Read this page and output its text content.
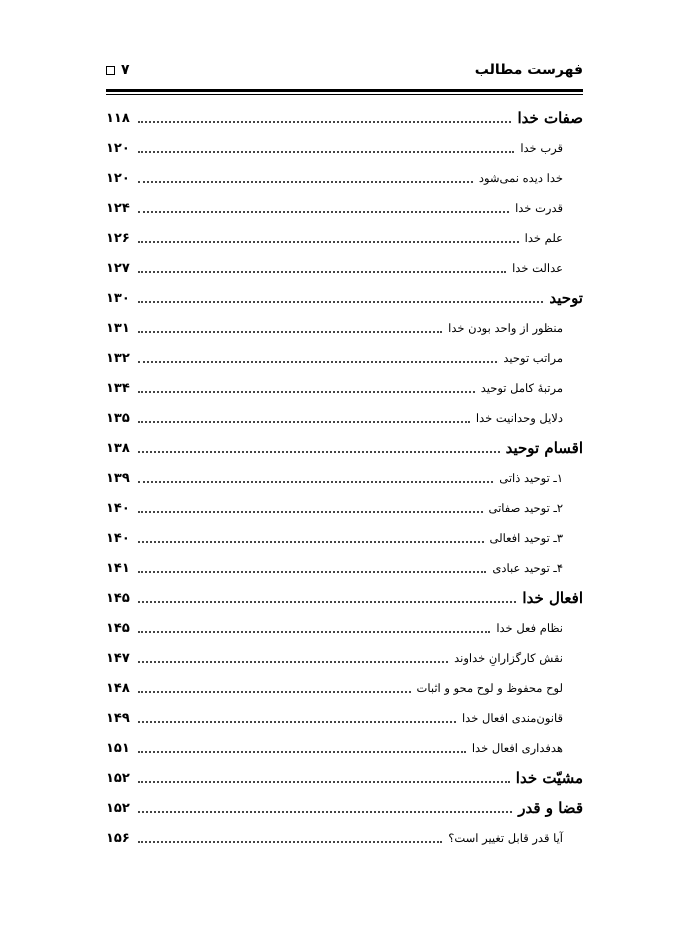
فهرست مطالب
۷
صفات خدا
۱۱۸
قرب خدا
۱۲۰
خدا دیده نمی‌شود
۱۲۰
قدرت خدا
۱۲۴
علم خدا
۱۲۶
عدالت خدا
۱۲۷
توحید
۱۳۰
منظور از واحد بودن خدا
۱۳۱
مراتب توحید
۱۳۲
مرتبهٔ کامل توحید
۱۳۴
دلایل وحدانیت خدا
۱۳۵
اقسام توحید
۱۳۸
۱ـ توحید ذاتی
۱۳۹
۲ـ توحید صفاتی
۱۴۰
۳ـ توحید افعالی
۱۴۰
۴ـ توحید عبادی
۱۴۱
افعال خدا
۱۴۵
نظام فعل خدا
۱۴۵
نقش کارگزارانِ خداوند
۱۴۷
لوح محفوظ و لوح محو و اثبات
۱۴۸
قانون‌مندی افعال خدا
۱۴۹
هدفداری افعال خدا
۱۵۱
مشیّت خدا
۱۵۲
قضا و قدر
۱۵۲
آیا قدر قابل تغییر است؟
۱۵۶
